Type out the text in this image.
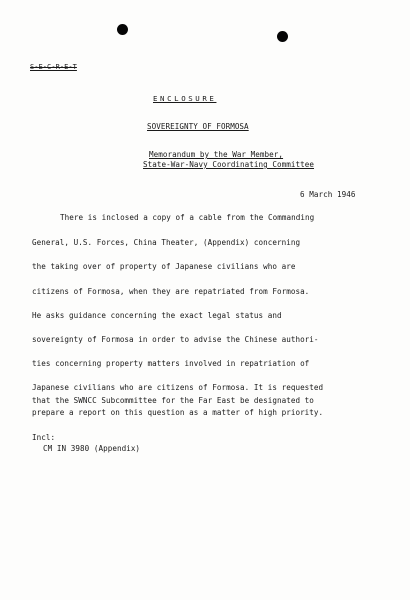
S-E-C-R-E-T
ENCLOSURE
SOVEREIGNTY OF FORMOSA
Memorandum by the War Member,
State-War-Navy Coordinating Committee
6 March 1946
There is inclosed a copy of a cable from the Commanding
General, U.S. Forces, China Theater, (Appendix) concerning
the taking over of property of Japanese civilians who are
citizens of Formosa, when they are repatriated from Formosa.
He asks guidance concerning the exact legal status and
sovereignty of Formosa in order to advise the Chinese authori-
ties concerning property matters involved in repatriation of
Japanese civilians who are citizens of Formosa. It is requested
that the SWNCC Subcommittee for the Far East be designated to
prepare a report on this question as a matter of high priority.
Incl:
CM IN 3980 (Appendix)
